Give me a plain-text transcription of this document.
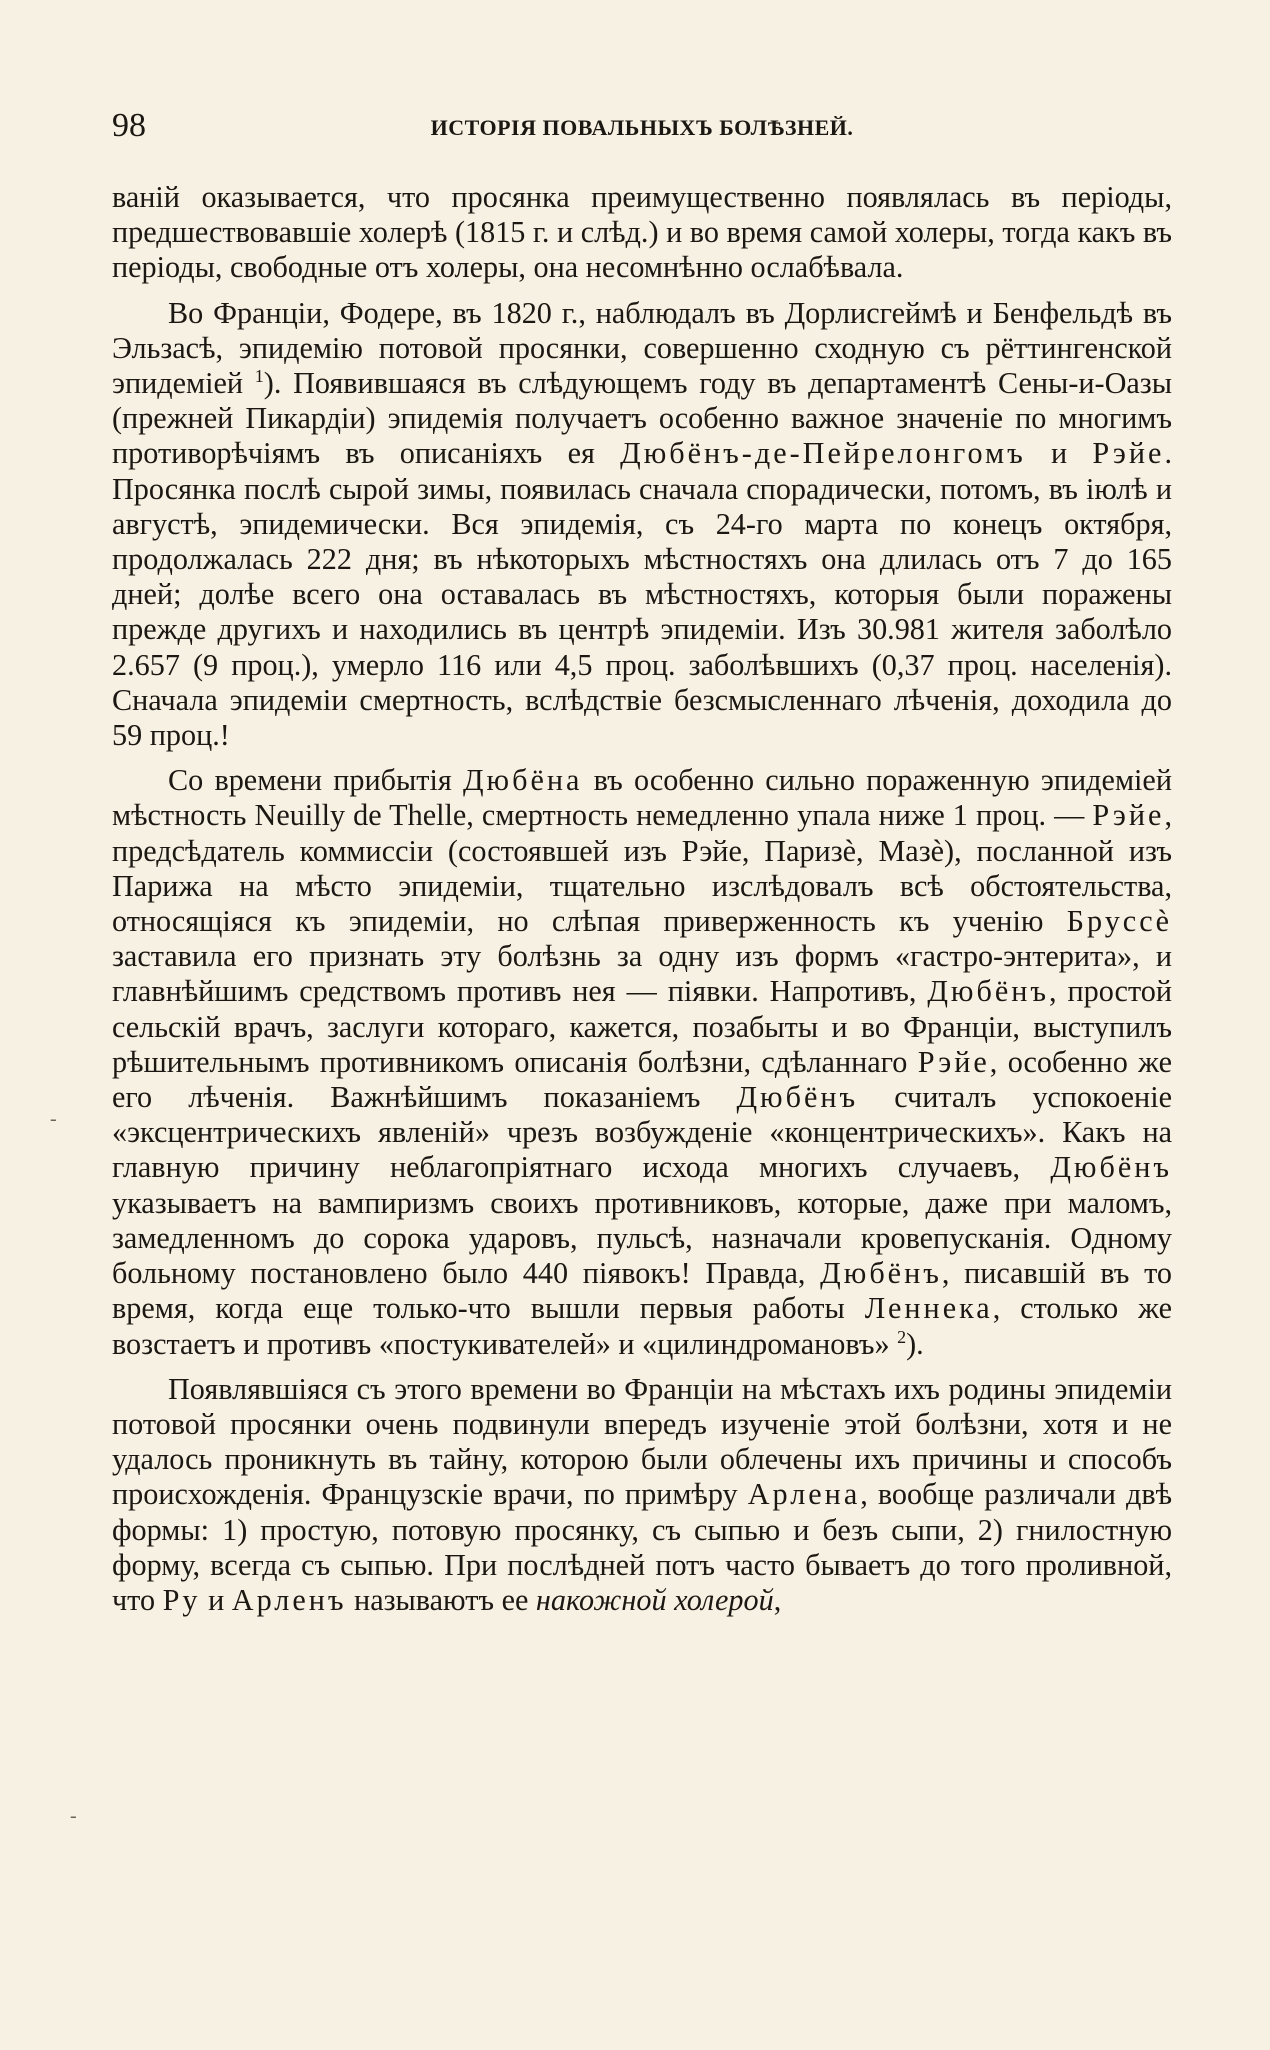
98	ИСТОРІЯ ПОВАЛЬНЫХЪ БОЛѢЗНЕЙ.

ваній оказывается, что просянка преимущественно появлялась въ періоды, предшествовавшіе холерѣ (1815 г. и слѣд.) и во время самой холеры, тогда какъ въ періоды, свободные отъ холеры, она несомнѣнно ослабѣвала.

Во Франціи, Фодере, въ 1820 г., наблюдалъ въ Дорлисгеймѣ и Бенфельдѣ въ Эльзасѣ, эпидемію потовой просянки, совершенно сходную съ рёттингенской эпидеміей $^1$). Появившаяся въ слѣдующемъ году въ департаментѣ Сены-и-Оазы (прежней Пикардіи) эпидемія получаетъ особенно важное значеніе по многимъ противорѣчіямъ въ описаніяхъ ея Дюбёнъ-де-Пейрелонгомъ и Рэйе. Просянка послѣ сырой зимы, появилась сначала спорадически, потомъ, въ іюлѣ и августѣ, эпидемически. Вся эпидемія, съ 24-го марта по конецъ октября, продолжалась 222 дня; въ нѣкоторыхъ мѣстностяхъ она длилась отъ 7 до 165 дней; долѣе всего она оставалась въ мѣстностяхъ, которыя были поражены прежде другихъ и находились въ центрѣ эпидеміи. Изъ 30.981 жителя заболѣло 2.657 (9 проц.), умерло 116 или 4,5 проц. заболѣвшихъ (0,37 проц. населенія). Сначала эпидеміи смертность, вслѣдствіе безсмысленнаго лѣченія, доходила до 59 проц.!

Со времени прибытія Дюбёна въ особенно сильно пораженную эпидеміей мѣстность Neuilly de Thelle, смертность немедленно упала ниже 1 проц. — Рэйе, предсѣдатель коммиссіи (состоявшей изъ Рэйе, Паризè, Мазè), посланной изъ Парижа на мѣсто эпидеміи, тщательно изслѣдовалъ всѣ обстоятельства, относящіяся къ эпидеміи, но слѣпая приверженность къ ученію Бруссè заставила его признать эту болѣзнь за одну изъ формъ «гастро-энтерита», и главнѣйшимъ средствомъ противъ нея — піявки. Напротивъ, Дюбёнъ, простой сельскій врачъ, заслуги котораго, кажется, позабыты и во Франціи, выступилъ рѣшительнымъ противникомъ описанія болѣзни, сдѣланнаго Рэйе, особенно же его лѣченія. Важнѣйшимъ показаніемъ Дюбёнъ считалъ успокоеніе «эксцентрическихъ явленій» чрезъ возбужденіе «концентрическихъ». Какъ на главную причину неблагопріятнаго исхода многихъ случаевъ, Дюбёнъ указываетъ на вампиризмъ своихъ противниковъ, которые, даже при маломъ, замедленномъ до сорока ударовъ, пульсѣ, назначали кровепусканія. Одному больному постановлено было 440 піявокъ! Правда, Дюбёнъ, писавшій въ то время, когда еще только-что вышли первыя работы Леннека, столько же возстаетъ и противъ «постукивателей» и «цилиндромановъ» $^2$).

Появлявшіяся съ этого времени во Франціи на мѣстахъ ихъ родины эпидеміи потовой просянки очень подвинули впередъ изученіе этой болѣзни, хотя и не удалось проникнуть въ тайну, которою были облечены ихъ причины и способъ происхожденія. Французскіе врачи, по примѣру Арлена, вообще различали двѣ формы: 1) простую, потовую просянку, съ сыпью и безъ сыпи, 2) гнилостную форму, всегда съ сыпью. При послѣдней потъ часто бываетъ до того проливной, что Ру и Арленъ называютъ ее накожной холерой,

-
-
